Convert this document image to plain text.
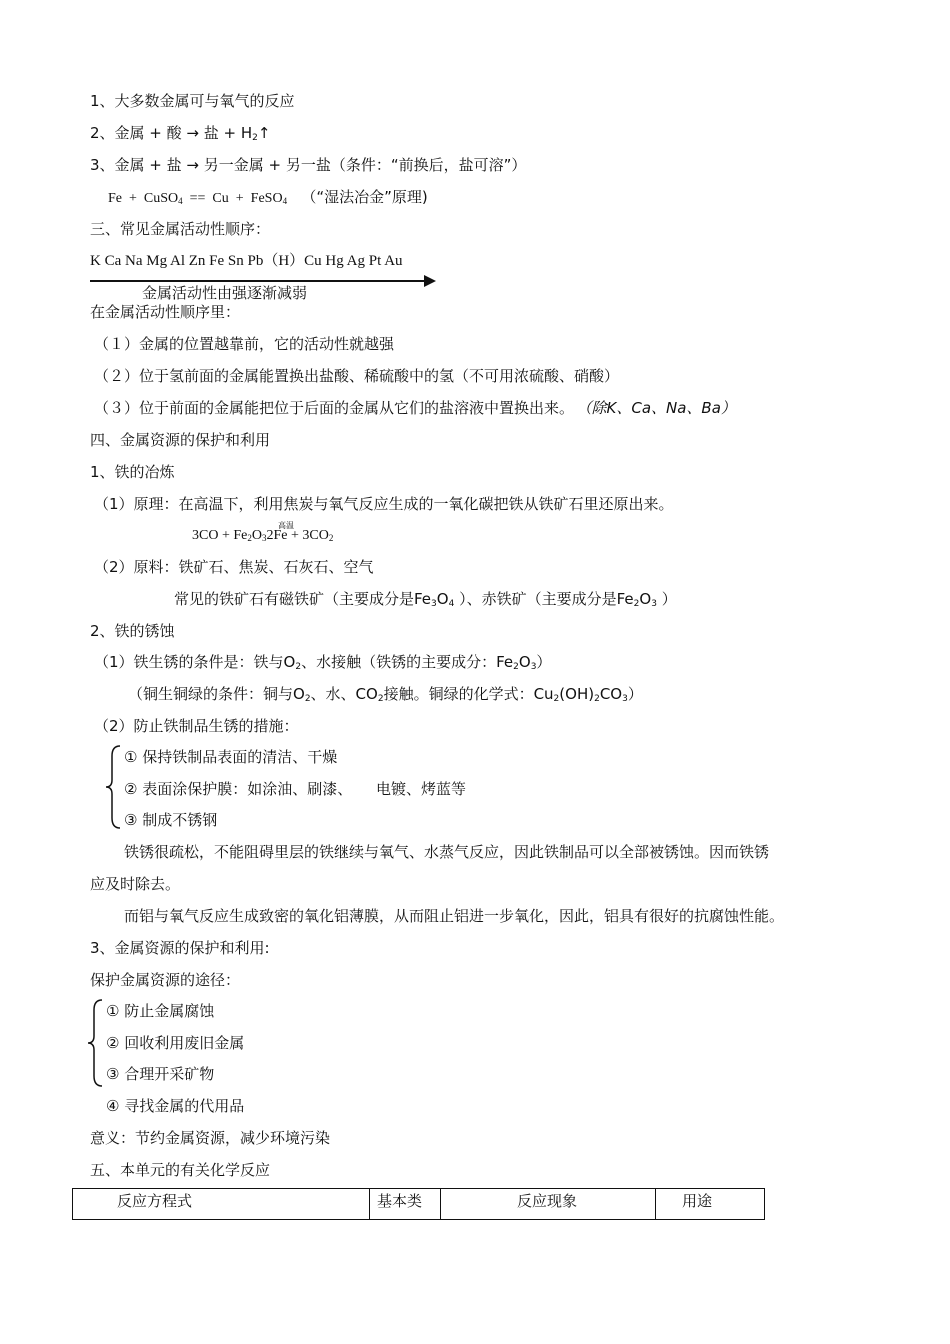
1、大多数金属可与氧气的反应
2、金属 + 酸 → 盐 + $H_2↑$
3、金属 + 盐 → 另一金属 + 另一盐（条件：“前换后，盐可溶”）
Fe  +  CuSO$_4$  ==  Cu  +  FeSO$_4$   （“湿法冶金”原理)
三、常见金属活动性顺序：
K Ca Na Mg Al Zn Fe Sn Pb（H）Cu Hg Ag Pt Au
金属活动性由强逐渐减弱
在金属活动性顺序里：
（１）金属的位置越靠前，它的活动性就越强
（２）位于氢前面的金属能置换出盐酸、稀硫酸中的氢（不可用浓硫酸、硝酸）
（３）位于前面的金属能把位于后面的金属从它们的盐溶液中置换出来。 （除K、Ca、Na、Ba）
四、金属资源的保护和利用
1、铁的冶炼
（1）原理：在高温下，利用焦炭与氧气反应生成的一氧化碳把铁从铁矿石里还原出来。
$3CO + Fe_2O_32Fe + 3CO_2$
高温
（2）原料：铁矿石、焦炭、石灰石、空气
常见的铁矿石有磁铁矿（主要成分是$Fe_3O_4$ ）、赤铁矿（主要成分是$Fe_2O_3$ ）
2、铁的锈蚀
（1）铁生锈的条件是：铁与$O_2$、水接触（铁锈的主要成分：$Fe_2O_3$）
（铜生铜绿的条件：铜与$O_2$、水、$CO_2$接触。铜绿的化学式：$Cu_2(OH)_2CO_3$）
（2）防止铁制品生锈的措施：
① 保持铁制品表面的清洁、干燥
② 表面涂保护膜：如涂油、刷漆、     电镀、烤蓝等
③ 制成不锈钢
铁锈很疏松，不能阻碍里层的铁继续与氧气、水蒸气反应，因此铁制品可以全部被锈蚀。因而铁锈
应及时除去。
而铝与氧气反应生成致密的氧化铝薄膜，从而阻止铝进一步氧化，因此，铝具有很好的抗腐蚀性能。
3、金属资源的保护和利用:
保护金属资源的途径：
① 防止金属腐蚀
② 回收利用废旧金属
③ 合理开采矿物
④ 寻找金属的代用品
意义：节约金属资源，减少环境污染
五、本单元的有关化学反应
反应方程式	基本类	反应现象	用途
